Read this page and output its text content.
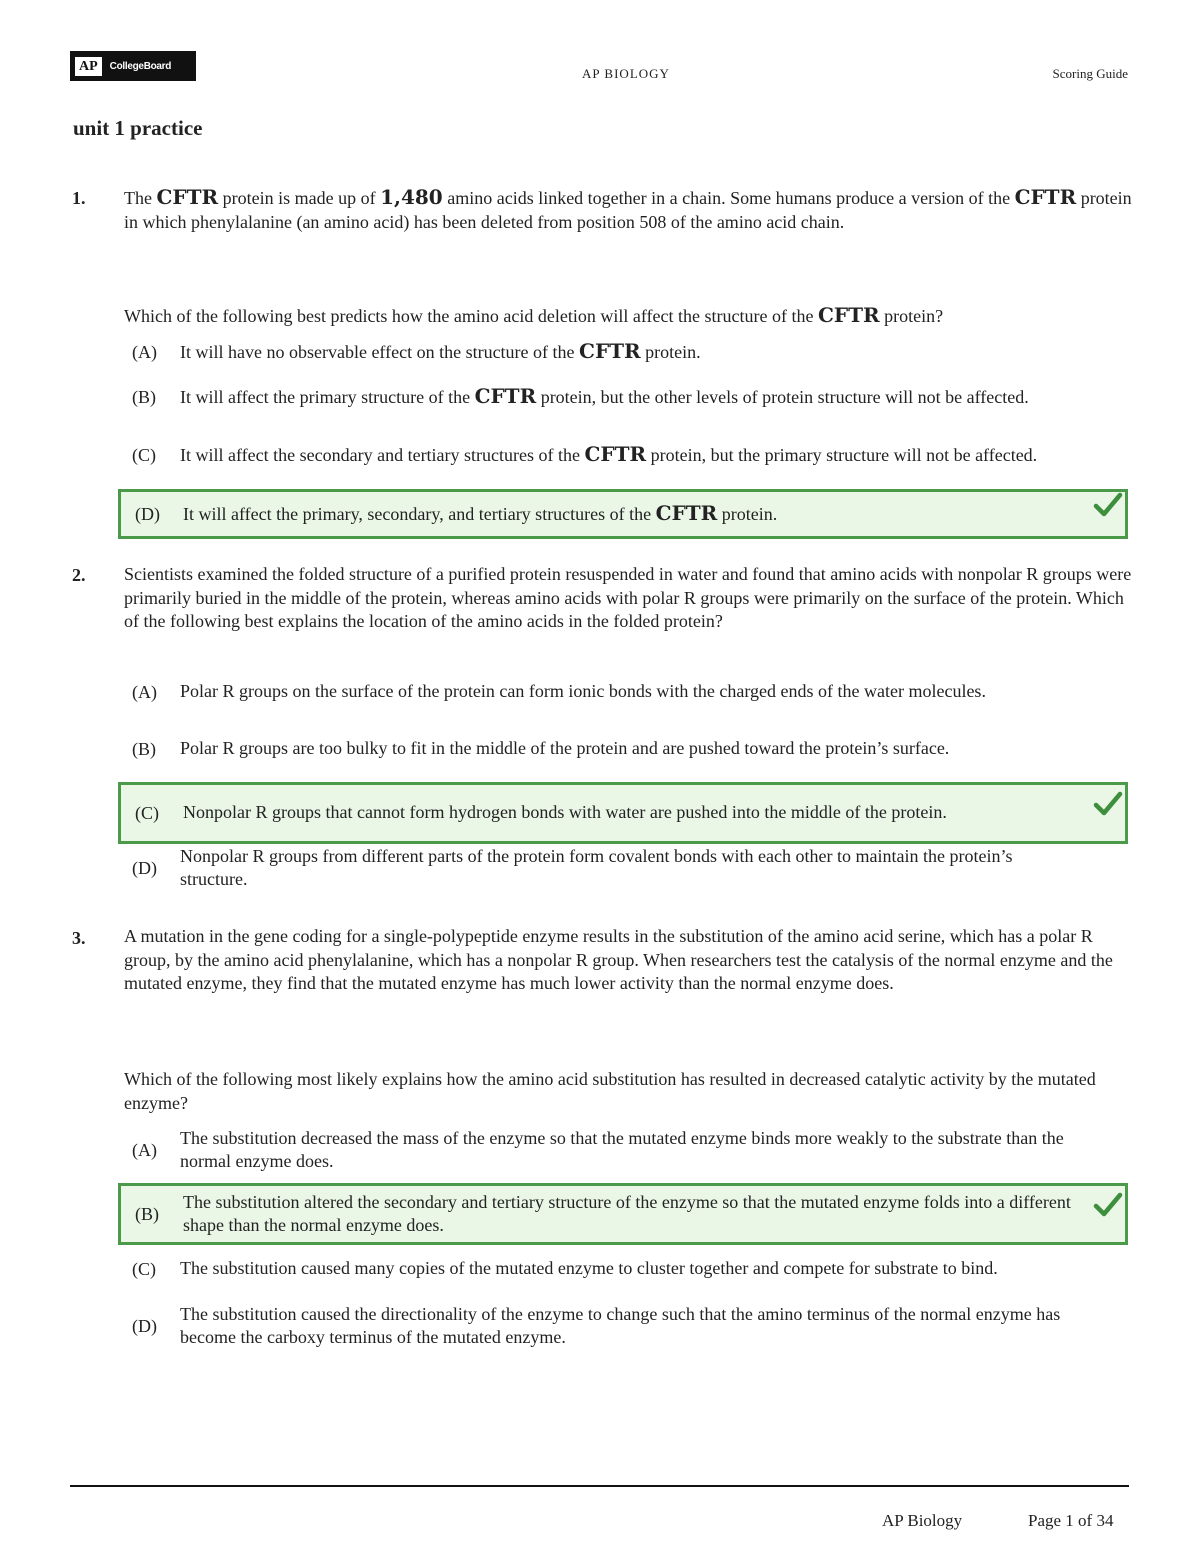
AP	CollegeBoard	AP BIOLOGY	Scoring Guide
unit 1 practice
1. The CFTR protein is made up of 1,480 amino acids linked together in a chain. Some humans produce a version of the CFTR protein in which phenylalanine (an amino acid) has been deleted from position 508 of the amino acid chain.
Which of the following best predicts how the amino acid deletion will affect the structure of the CFTR protein?
(A) It will have no observable effect on the structure of the CFTR protein.
(B) It will affect the primary structure of the CFTR protein, but the other levels of protein structure will not be affected.
(C) It will affect the secondary and tertiary structures of the CFTR protein, but the primary structure will not be affected.
(D) It will affect the primary, secondary, and tertiary structures of the CFTR protein.
2. Scientists examined the folded structure of a purified protein resuspended in water and found that amino acids with nonpolar R groups were primarily buried in the middle of the protein, whereas amino acids with polar R groups were primarily on the surface of the protein. Which of the following best explains the location of the amino acids in the folded protein?
(A) Polar R groups on the surface of the protein can form ionic bonds with the charged ends of the water molecules.
(B) Polar R groups are too bulky to fit in the middle of the protein and are pushed toward the protein’s surface.
(C) Nonpolar R groups that cannot form hydrogen bonds with water are pushed into the middle of the protein.
(D)
Nonpolar R groups from different parts of the protein form covalent bonds with each other to maintain the protein’s structure.
3. A mutation in the gene coding for a single-polypeptide enzyme results in the substitution of the amino acid serine, which has a polar R group, by the amino acid phenylalanine, which has a nonpolar R group. When researchers test the catalysis of the normal enzyme and the mutated enzyme, they find that the mutated enzyme has much lower activity than the normal enzyme does.
Which of the following most likely explains how the amino acid substitution has resulted in decreased catalytic activity by the mutated enzyme?
(A)
The substitution decreased the mass of the enzyme so that the mutated enzyme binds more weakly to the substrate than the normal enzyme does.
(B)
The substitution altered the secondary and tertiary structure of the enzyme so that the mutated enzyme folds into a different shape than the normal enzyme does.
(C) The substitution caused many copies of the mutated enzyme to cluster together and compete for substrate to bind.
(D)
The substitution caused the directionality of the enzyme to change such that the amino terminus of the normal enzyme has become the carboxy terminus of the mutated enzyme.
AP Biology	Page 1 of 34
